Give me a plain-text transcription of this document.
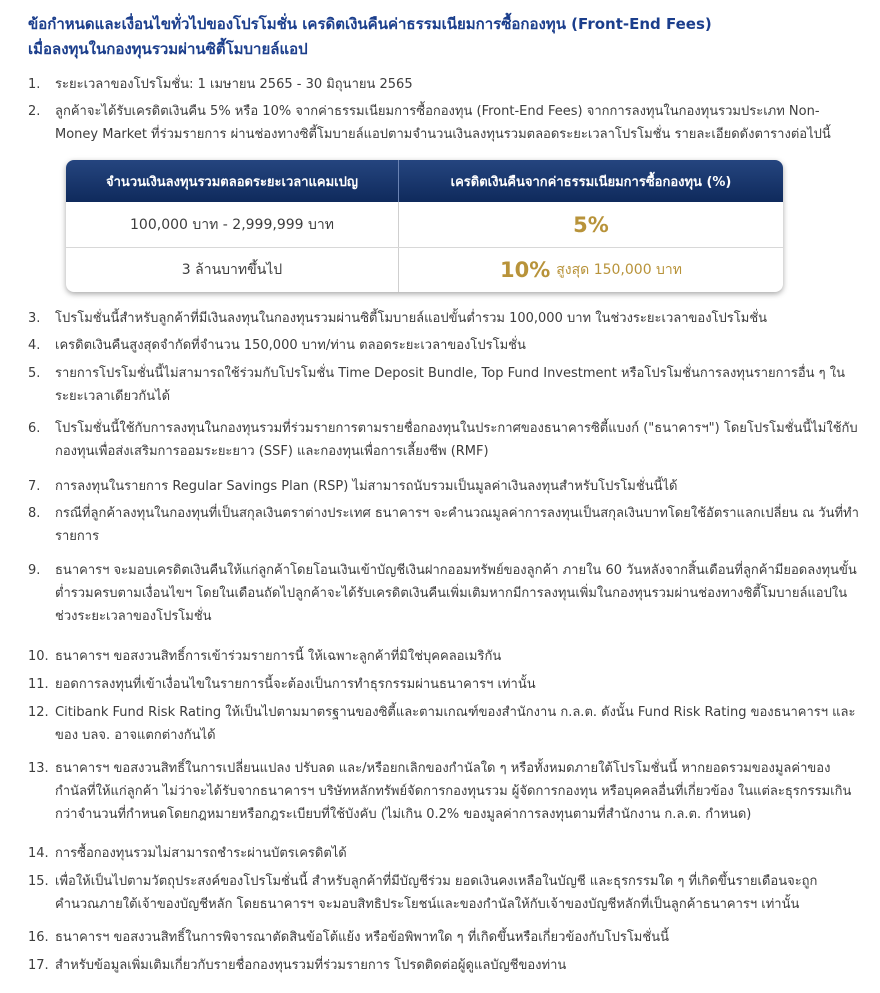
ข้อกำหนดและเงื่อนไขทั่วไปของโปรโมชั่น เครดิตเงินคืนค่าธรรมเนียมการซื้อกองทุน (Front-End Fees)
เมื่อลงทุนในกองทุนรวมผ่านซิตี้โมบายล์แอป
1.	ระยะเวลาของโปรโมชั่น: 1 เมษายน 2565 - 30 มิถุนายน 2565
2.	ลูกค้าจะได้รับเครดิตเงินคืน 5% หรือ 10% จากค่าธรรมเนียมการซื้อกองทุน (Front-End Fees) จากการลงทุนในกองทุนรวมประเภท Non-Money Market ที่ร่วมรายการ ผ่านช่องทางซิตี้โมบายล์แอปตามจำนวนเงินลงทุนรวมตลอดระยะเวลาโปรโมชั่น รายละเอียดดังตารางต่อไปนี้
3.	โปรโมชั่นนี้สำหรับลูกค้าที่มีเงินลงทุนในกองทุนรวมผ่านซิตี้โมบายล์แอปขั้นต่ำรวม 100,000 บาท ในช่วงระยะเวลาของโปรโมชั่น
4.	เครดิตเงินคืนสูงสุดจำกัดที่จำนวน 150,000 บาท/ท่าน ตลอดระยะเวลาของโปรโมชั่น
5.	รายการโปรโมชั่นนี้ไม่สามารถใช้ร่วมกับโปรโมชั่น Time Deposit Bundle, Top Fund Investment หรือโปรโมชั่นการลงทุนรายการอื่น ๆ ในระยะเวลาเดียวกันได้
6.	โปรโมชั่นนี้ใช้กับการลงทุนในกองทุนรวมที่ร่วมรายการตามรายชื่อกองทุนในประกาศของธนาคารซิตี้แบงก์ ("ธนาคารฯ") โดยโปรโมชั่นนี้ไม่ใช้กับกองทุนเพื่อส่งเสริมการออมระยะยาว (SSF) และกองทุนเพื่อการเลี้ยงชีพ (RMF)
7.	การลงทุนในรายการ Regular Savings Plan (RSP) ไม่สามารถนับรวมเป็นมูลค่าเงินลงทุนสำหรับโปรโมชั่นนี้ได้
8.	กรณีที่ลูกค้าลงทุนในกองทุนที่เป็นสกุลเงินตราต่างประเทศ ธนาคารฯ จะคำนวณมูลค่าการลงทุนเป็นสกุลเงินบาทโดยใช้อัตราแลกเปลี่ยน ณ วันที่ทำรายการ
9.	ธนาคารฯ จะมอบเครดิตเงินคืนให้แก่ลูกค้าโดยโอนเงินเข้าบัญชีเงินฝากออมทรัพย์ของลูกค้า ภายใน 60 วันหลังจากสิ้นเดือนที่ลูกค้ามียอดลงทุนขั้นต่ำรวมครบตามเงื่อนไขฯ โดยในเดือนถัดไปลูกค้าจะได้รับเครดิตเงินคืนเพิ่มเติมหากมีการลงทุนเพิ่มในกองทุนรวมผ่านช่องทางซิตี้โมบายล์แอปในช่วงระยะเวลาของโปรโมชั่น
10. ธนาคารฯ ขอสงวนสิทธิ์การเข้าร่วมรายการนี้ ให้เฉพาะลูกค้าที่มิใช่บุคคลอเมริกัน
11. ยอดการลงทุนที่เข้าเงื่อนไขในรายการนี้จะต้องเป็นการทำธุรกรรมผ่านธนาคารฯ เท่านั้น
12. Citibank Fund Risk Rating ให้เป็นไปตามมาตรฐานของซิตี้และตามเกณฑ์ของสำนักงาน ก.ล.ต. ดังนั้น Fund Risk Rating ของธนาคารฯ และของ บลจ. อาจแตกต่างกันได้
13. ธนาคารฯ ขอสงวนสิทธิ์ในการเปลี่ยนแปลง ปรับลด และ/หรือยกเลิกของกำนัลใด ๆ หรือทั้งหมดภายใต้โปรโมชั่นนี้ หากยอดรวมของมูลค่าของกำนัลที่ให้แก่ลูกค้า ไม่ว่าจะได้รับจากธนาคารฯ บริษัทหลักทรัพย์จัดการกองทุนรวม ผู้จัดการกองทุน หรือบุคคลอื่นที่เกี่ยวข้อง ในแต่ละธุรกรรมเกินกว่าจำนวนที่กำหนดโดยกฎหมายหรือกฎระเบียบที่ใช้บังคับ (ไม่เกิน 0.2% ของมูลค่าการลงทุนตามที่สำนักงาน ก.ล.ต. กำหนด)
14. การซื้อกองทุนรวมไม่สามารถชำระผ่านบัตรเครดิตได้
15. เพื่อให้เป็นไปตามวัตถุประสงค์ของโปรโมชั่นนี้ สำหรับลูกค้าที่มีบัญชีร่วม ยอดเงินคงเหลือในบัญชี และธุรกรรมใด ๆ ที่เกิดขึ้นรายเดือนจะถูกคำนวณภายใต้เจ้าของบัญชีหลัก โดยธนาคารฯ จะมอบสิทธิประโยชน์และของกำนัลให้กับเจ้าของบัญชีหลักที่เป็นลูกค้าธนาคารฯ เท่านั้น
16. ธนาคารฯ ขอสงวนสิทธิ์ในการพิจารณาตัดสินข้อโต้แย้ง หรือข้อพิพาทใด ๆ ที่เกิดขึ้นหรือเกี่ยวข้องกับโปรโมชั่นนี้
17. สำหรับข้อมูลเพิ่มเติมเกี่ยวกับรายชื่อกองทุนรวมที่ร่วมรายการ โปรดติดต่อผู้ดูแลบัญชีของท่าน
จำนวนเงินลงทุนรวมตลอดระยะเวลาแคมเปญ	เครดิตเงินคืนจากค่าธรรมเนียมการซื้อกองทุน (%)
100,000 บาท - 2,999,999 บาท	5%
3 ล้านบาทขึ้นไป	10% สูงสุด 150,000 บาท
